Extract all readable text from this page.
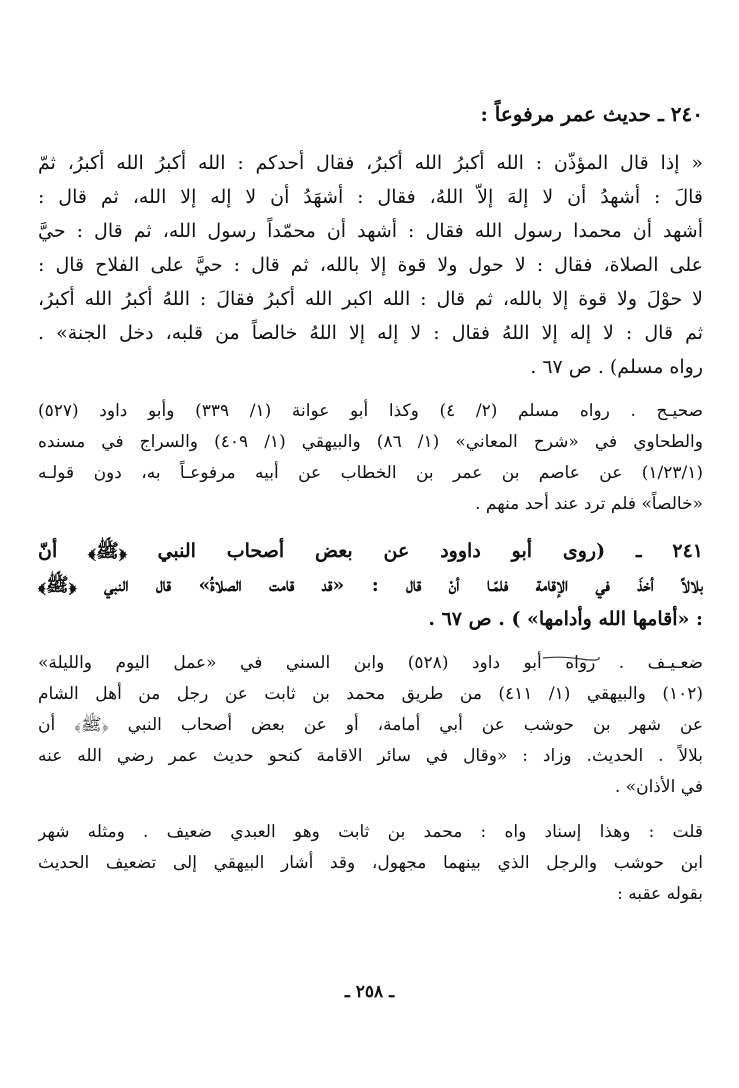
٢٤٠ ـ حديث عمر مرفوعاً :
« إذا قال المؤذّن : الله أكبرُ الله أكبرُ، فقال أحدكم : الله أكبرُ الله أكبرُ، ثمّ
قالَ : أشهدُ أن لا إلهَ إلاّ اللهُ، فقال : أشهَدُ أن لا إله إلا الله، ثم قال :
أشهد أن محمدا رسول الله فقال : أشهد أن محمّداً رسول الله، ثم قال : حيَّ
على الصلاة، فقال : لا حول ولا قوة إلا بالله، ثم قال : حيَّ على الفلاح قال :
لا حوْلَ ولا قوة إلا بالله، ثم قال : الله اكبر الله أكبرُ فقالَ : اللهُ أكبرُ الله أكبرُ،
ثم قال : لا إله إلا اللهُ فقال : لا إله إلا اللهُ خالصاً من قلبه، دخل الجنة» .
رواه مسلم) . ص ٦٧ .
صحيـح . رواه مسلم (٢/ ٤) وكذا أبو عوانة (١/ ٣٣٩) وأبو داود (٥٢٧)
والطحاوي في «شرح المعاني» (١/ ٨٦) والبيهقي (١/ ٤٠٩) والسراج في مسنده
(١/٢٣/١) عن عاصم بن عمر بن الخطاب عن أبيه مرفوعـاً به، دون قولـه
«خالصاً» فلم ترد عند أحد منهم .
٢٤١ ـ (روى أبو داوود عن بعض أصحاب النبي ﴿ﷺ﴾ أنّ
بلالاً أخذَ في الإقامة فلمّـا أنْ قال : «قد قامت الصلاةُ» قال النبي ﴿ﷺ﴾
: «أقامها الله وأدامها» ) . ص ٦٧ .
ضعـيـف . رواه أبو داود (٥٢٨) وابن السني في «عمل اليوم والليلة»
(١٠٢) والبيهقي (١/ ٤١١) من طريق محمد بن ثابت عن رجل من أهل الشام
عن شهر بن حوشب عن أبي أمامة، أو عن بعض أصحاب النبي ﴿ﷺ﴾ أن
بلالاً . الحديث. وزاد : «وقال في سائر الاقامة كنحو حديث عمر رضي الله عنه
في الأذان» .
قلت : وهذا إسناد واه : محمد بن ثابت وهو العبدي ضعيف . ومثله شهر
ابن حوشب والرجل الذي بينهما مجهول، وقد أشار البيهقي إلى تضعيف الحديث
بقوله عقبه :
ـ ٢٥٨ ـ
